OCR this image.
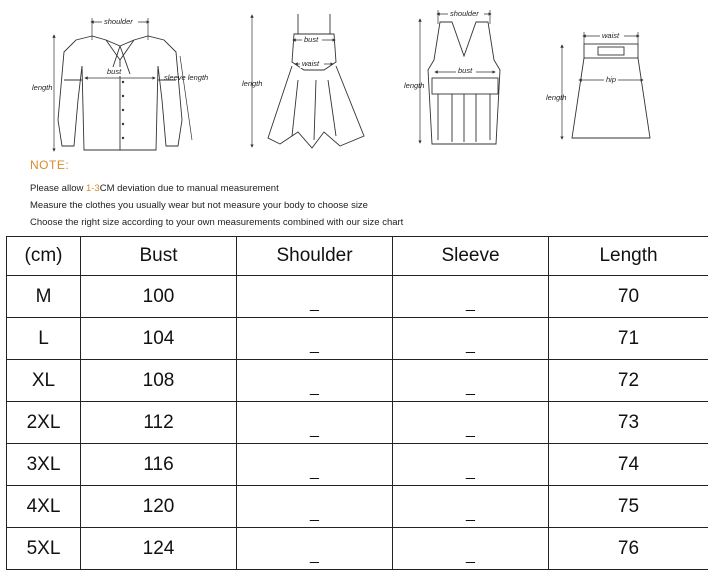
shoulder
bust
length
sleeve length
bust
waist
length
shoulder
bust
length
waist
hip
length
NOTE:
Please allow 1-3CM deviation due to manual measurement
Measure the clothes you usually wear but not measure your body to choose size
Choose the right size according to your own measurements combined with our size chart
(cm)	Bust	Shoulder	Sleeve	Length
M	100	_	_	70
L	104	_	_	71
XL	108	_	_	72
2XL	112	_	_	73
3XL	116	_	_	74
4XL	120	_	_	75
5XL	124	_	_	76
